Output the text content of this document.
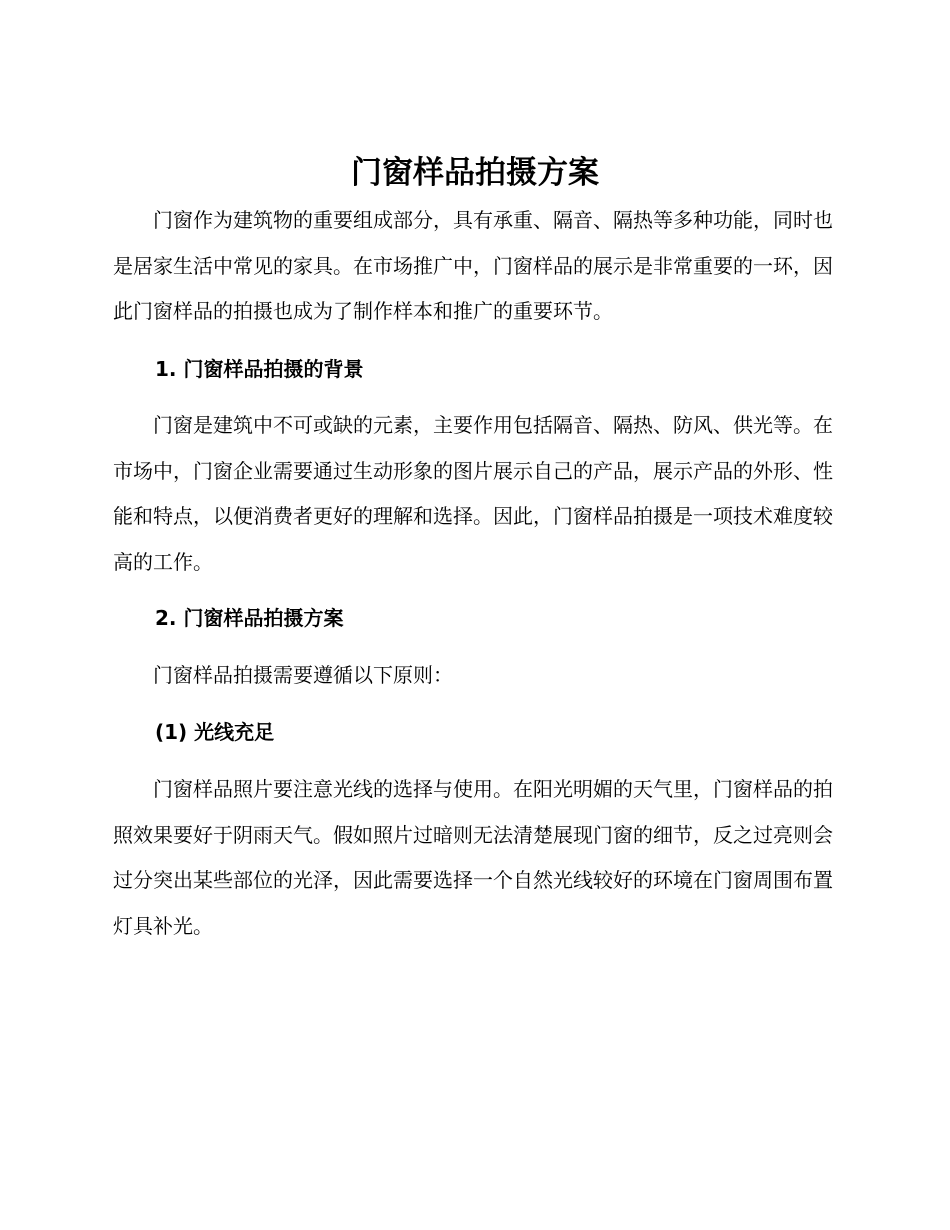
门窗样品拍摄方案

门窗作为建筑物的重要组成部分，具有承重、隔音、隔热等多种功能，同时也是居家生活中常见的家具。在市场推广中，门窗样品的展示是非常重要的一环，因此门窗样品的拍摄也成为了制作样本和推广的重要环节。

1. 门窗样品拍摄的背景

门窗是建筑中不可或缺的元素，主要作用包括隔音、隔热、防风、供光等。在市场中，门窗企业需要通过生动形象的图片展示自己的产品，展示产品的外形、性能和特点，以便消费者更好的理解和选择。因此，门窗样品拍摄是一项技术难度较高的工作。

2. 门窗样品拍摄方案

门窗样品拍摄需要遵循以下原则：

(1) 光线充足

门窗样品照片要注意光线的选择与使用。在阳光明媚的天气里，门窗样品的拍照效果要好于阴雨天气。假如照片过暗则无法清楚展现门窗的细节，反之过亮则会过分突出某些部位的光泽，因此需要选择一个自然光线较好的环境在门窗周围布置灯具补光。
